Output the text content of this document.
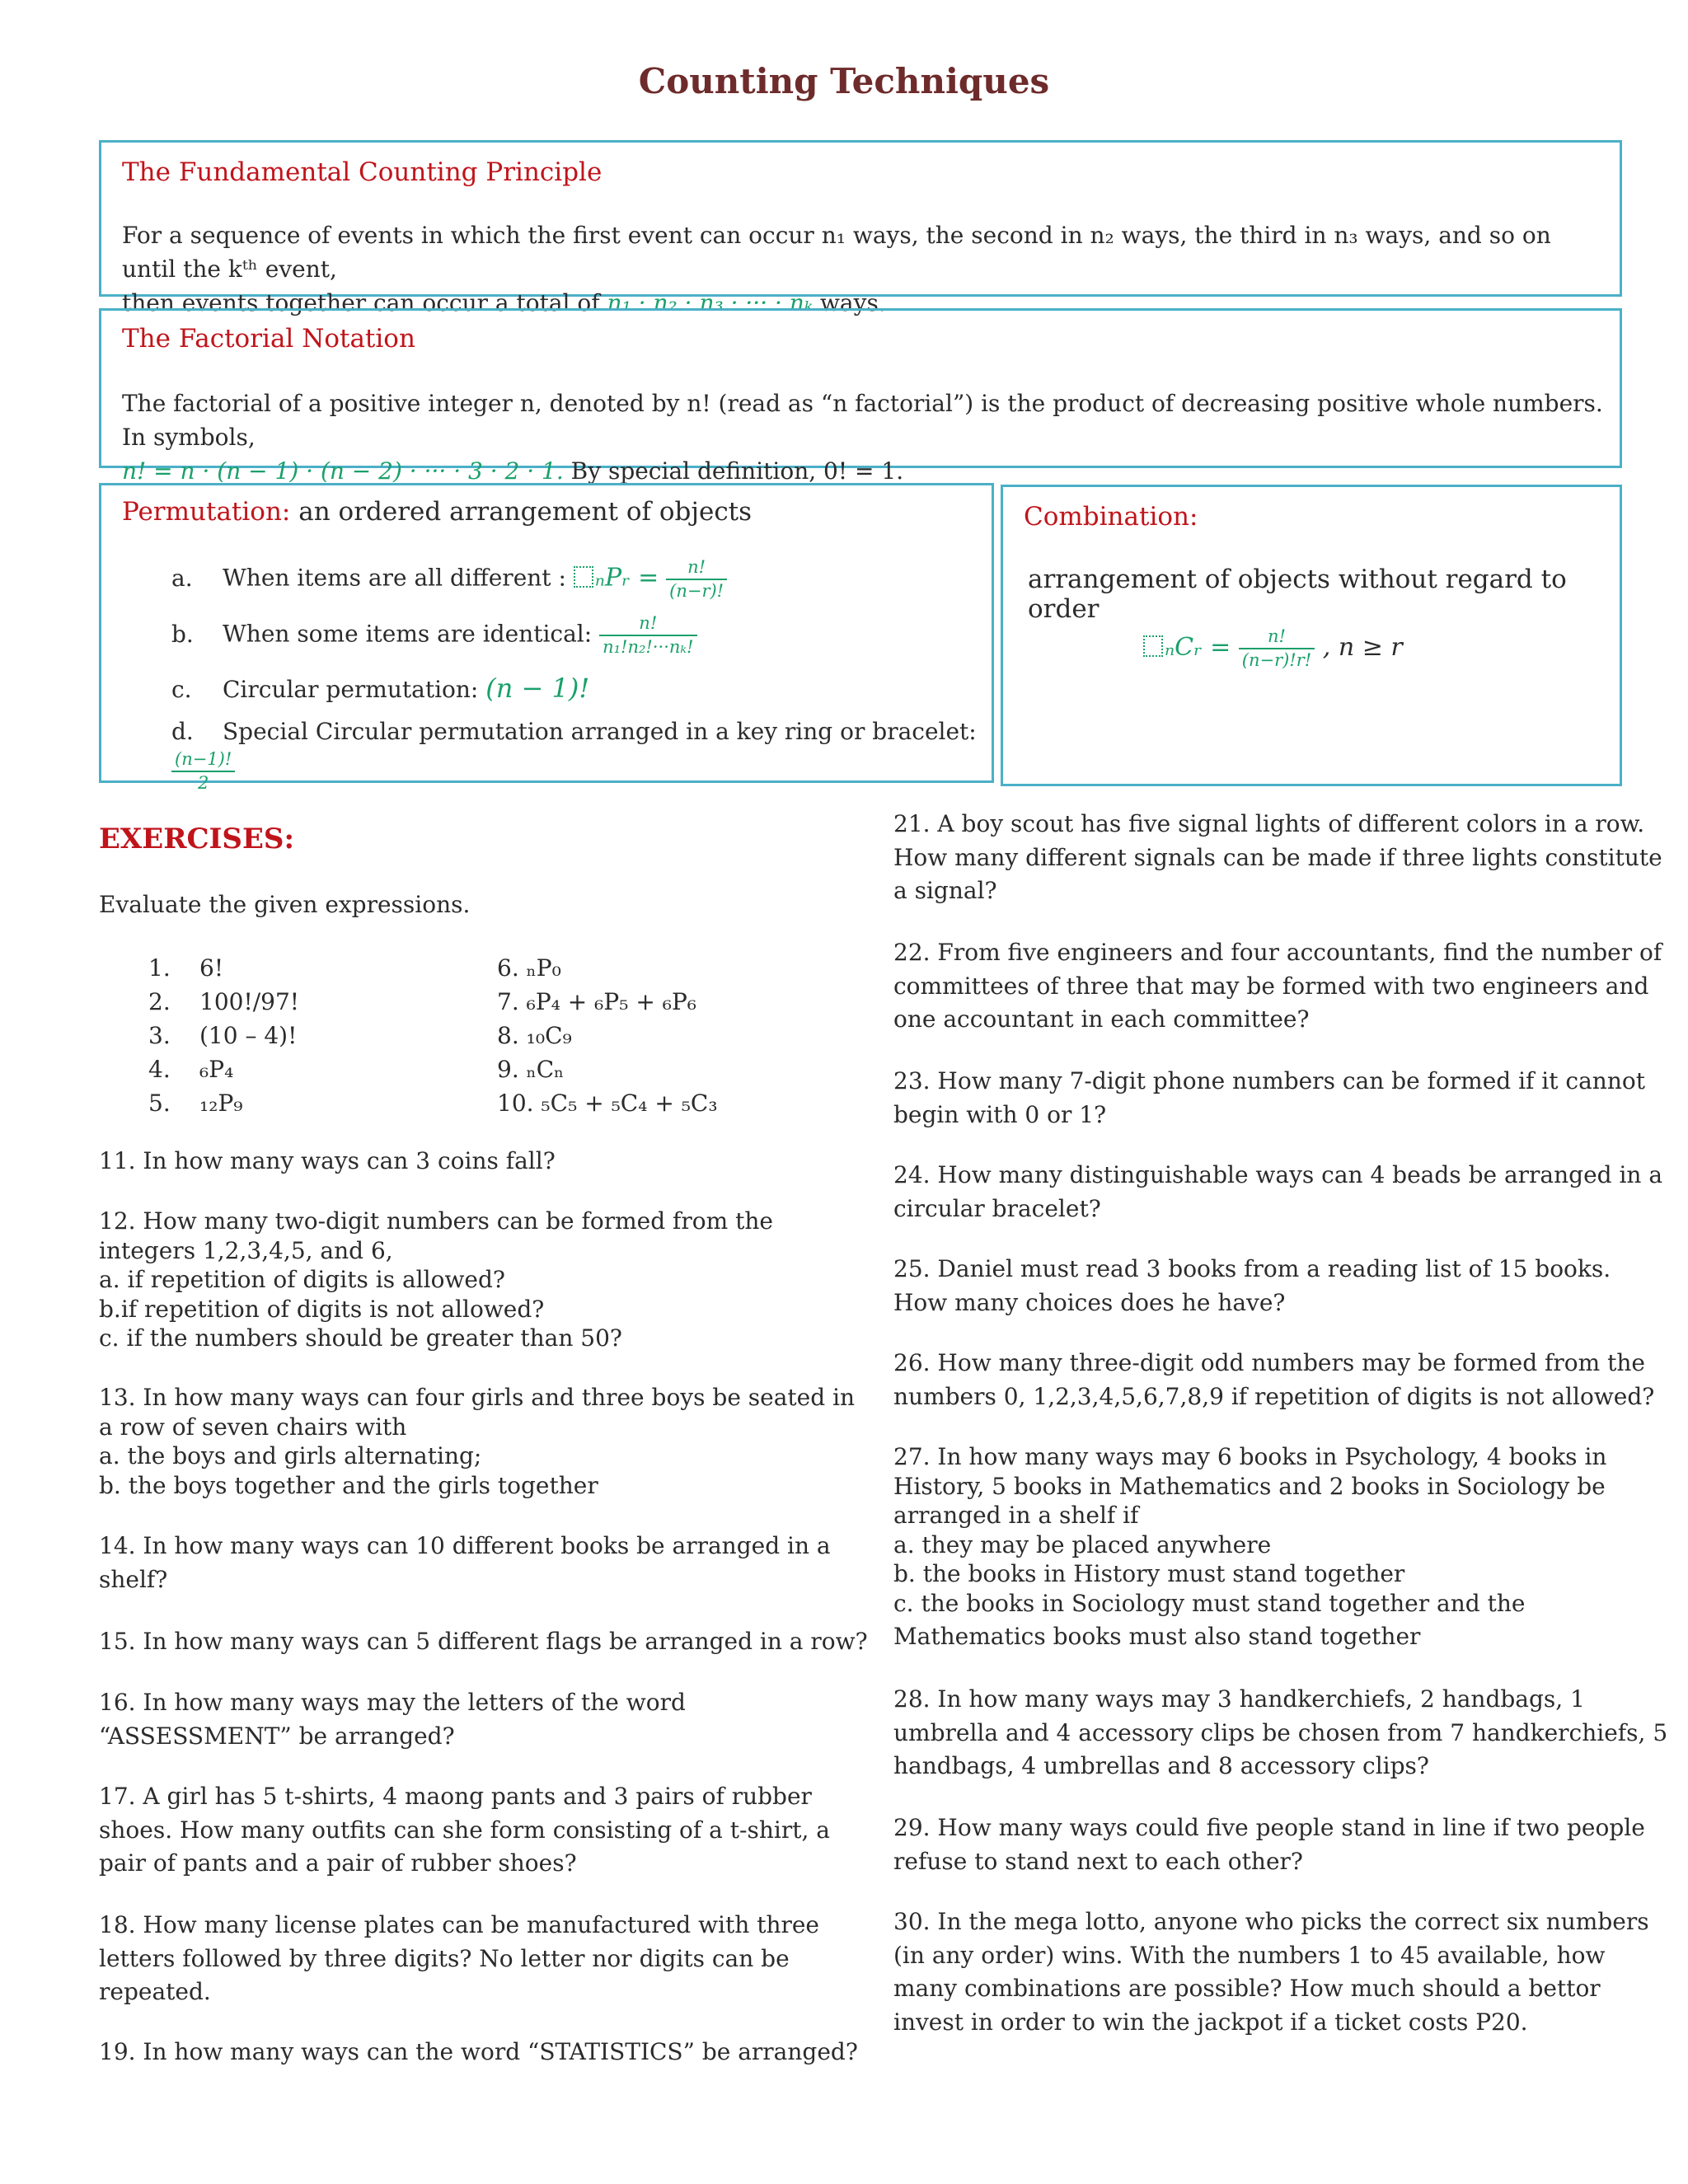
Counting Techniques
The Fundamental Counting Principle
For a sequence of events in which the first event can occur n₁ ways, the second in n₂ ways, the third in n₃ ways, and so on until the kᵗʰ event,
then events together can occur a total of n₁ · n₂ · n₃ · ··· · nₖ ways.
The Factorial Notation
The factorial of a positive integer n, denoted by n! (read as “n factorial”) is the product of decreasing positive whole numbers. In symbols,
n! = n · (n − 1) · (n − 2) · ··· · 3 · 2 · 1. By special definition, 0! = 1.
Permutation: an ordered arrangement of objects
a. When items are all different : ₙPᵣ = $\frac{n!}{(n-r)!}$
b. When some items are identical: $\frac{n!}{\text{n₁!n₂!···nₖ!}}$
c. Circular permutation: (n − 1)!
d. Special Circular permutation arranged in a key ring or bracelet:
$\frac{(n-1)!}{2}$
Combination:
arrangement of objects without regard to order
ₙCᵣ = $\frac{n!}{(n-r)!r!}$ , n ≥ r
EXERCISES:
Evaluate the given expressions.
1. 6!
2. 100!/97!
3. (10 – 4)!
4. ₆P₄
5. ₁₂P₉
6. ₙP₀
7. ₆P₄ + ₆P₅ + ₆P₆
8. ₁₀C₉
9. ₙCₙ
10. ₅C₅ + ₅C₄ + ₅C₃
11. In how many ways can 3 coins fall?
12. How many two-digit numbers can be formed from the
integers 1,2,3,4,5, and 6,
a. if repetition of digits is allowed?
b.if repetition of digits is not allowed?
c. if the numbers should be greater than 50?
13. In how many ways can four girls and three boys be seated in
a row of seven chairs with
a. the boys and girls alternating;
b. the boys together and the girls together
14. In how many ways can 10 different books be arranged in a
shelf?
15. In how many ways can 5 different flags be arranged in a row?
16. In how many ways may the letters of the word
“ASSESSMENT” be arranged?
17. A girl has 5 t-shirts, 4 maong pants and 3 pairs of rubber
shoes. How many outfits can she form consisting of a t-shirt, a
pair of pants and a pair of rubber shoes?
18. How many license plates can be manufactured with three
letters followed by three digits? No letter nor digits can be
repeated.
19. In how many ways can the word “STATISTICS” be arranged?
21. A boy scout has five signal lights of different colors in a row.
How many different signals can be made if three lights constitute
a signal?
22. From five engineers and four accountants, find the number of
committees of three that may be formed with two engineers and
one accountant in each committee?
23. How many 7-digit phone numbers can be formed if it cannot
begin with 0 or 1?
24. How many distinguishable ways can 4 beads be arranged in a
circular bracelet?
25. Daniel must read 3 books from a reading list of 15 books.
How many choices does he have?
26. How many three-digit odd numbers may be formed from the
numbers 0, 1,2,3,4,5,6,7,8,9 if repetition of digits is not allowed?
27. In how many ways may 6 books in Psychology, 4 books in
History, 5 books in Mathematics and 2 books in Sociology be
arranged in a shelf if
a. they may be placed anywhere
b. the books in History must stand together
c. the books in Sociology must stand together and the
Mathematics books must also stand together
28. In how many ways may 3 handkerchiefs, 2 handbags, 1
umbrella and 4 accessory clips be chosen from 7 handkerchiefs, 5
handbags, 4 umbrellas and 8 accessory clips?
29. How many ways could five people stand in line if two people
refuse to stand next to each other?
30. In the mega lotto, anyone who picks the correct six numbers
(in any order) wins. With the numbers 1 to 45 available, how
many combinations are possible? How much should a bettor
invest in order to win the jackpot if a ticket costs P20.
